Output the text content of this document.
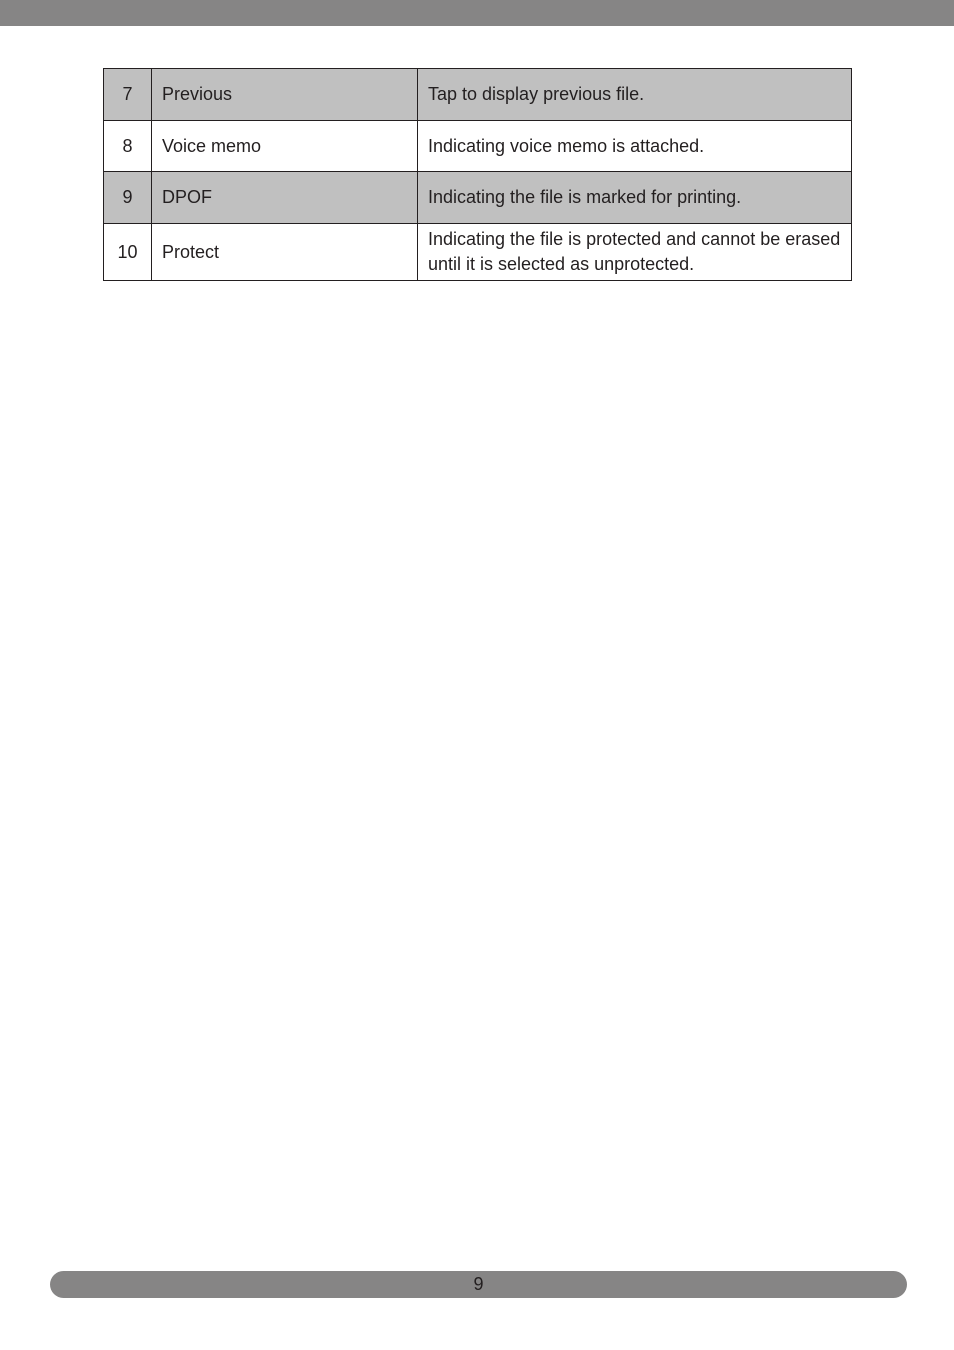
7	Previous	Tap to display previous file.
8	Voice memo	Indicating voice memo is attached.
9	DPOF	Indicating the file is marked for printing.
10	Protect	Indicating the file is protected and cannot be erased until it is selected as unprotected.
9
